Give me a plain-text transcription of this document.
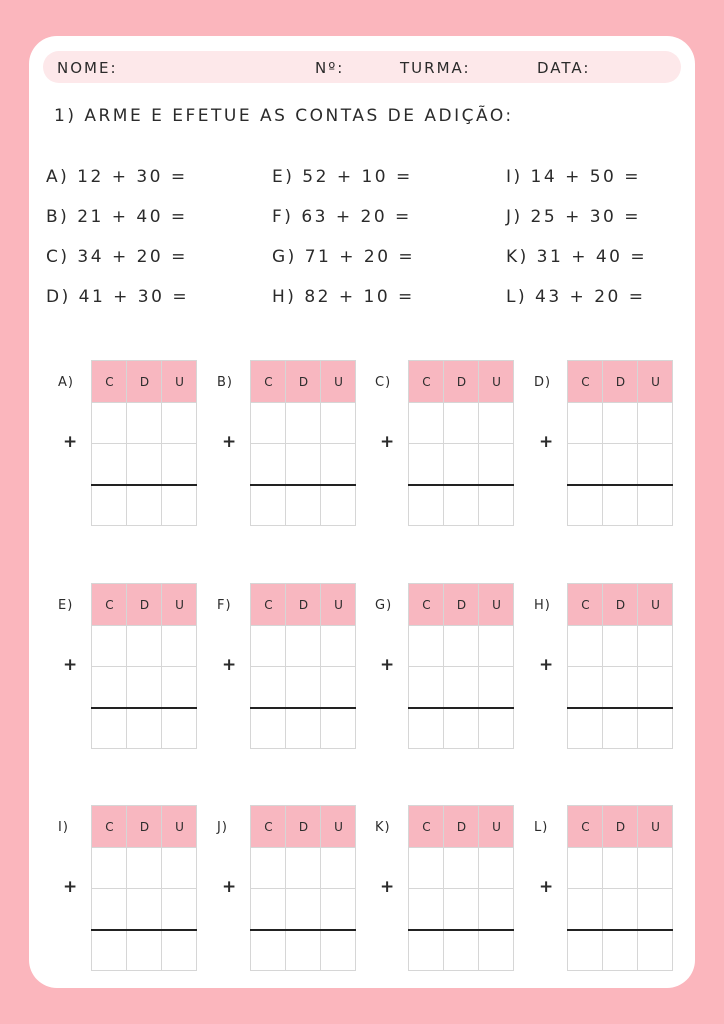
NOME:	Nº:	TURMA:	DATA:
1) ARME E EFETUE AS CONTAS DE ADIÇÃO:
A) 12 + 30 =
B) 21 + 40 =
C) 34 + 20 =
D) 41 + 30 =
E) 52 + 10 =
F) 63 + 20 =
G) 71 + 20 =
H) 82 + 10 =
I) 14 + 50 =
J) 25 + 30 =
K) 31 + 40 =
L) 43 + 20 =
A)
+
C	D	U	B)
+
C	D	U	C)
+
C	D	U	D)
+
C	D	U
E)
+
C	D	U	F)
+
C	D	U	G)
+
C	D	U	H)
+
C	D	U
I)
+
C	D	U	J)
+
C	D	U	K)
+
C	D	U	L)
+
C	D	U
